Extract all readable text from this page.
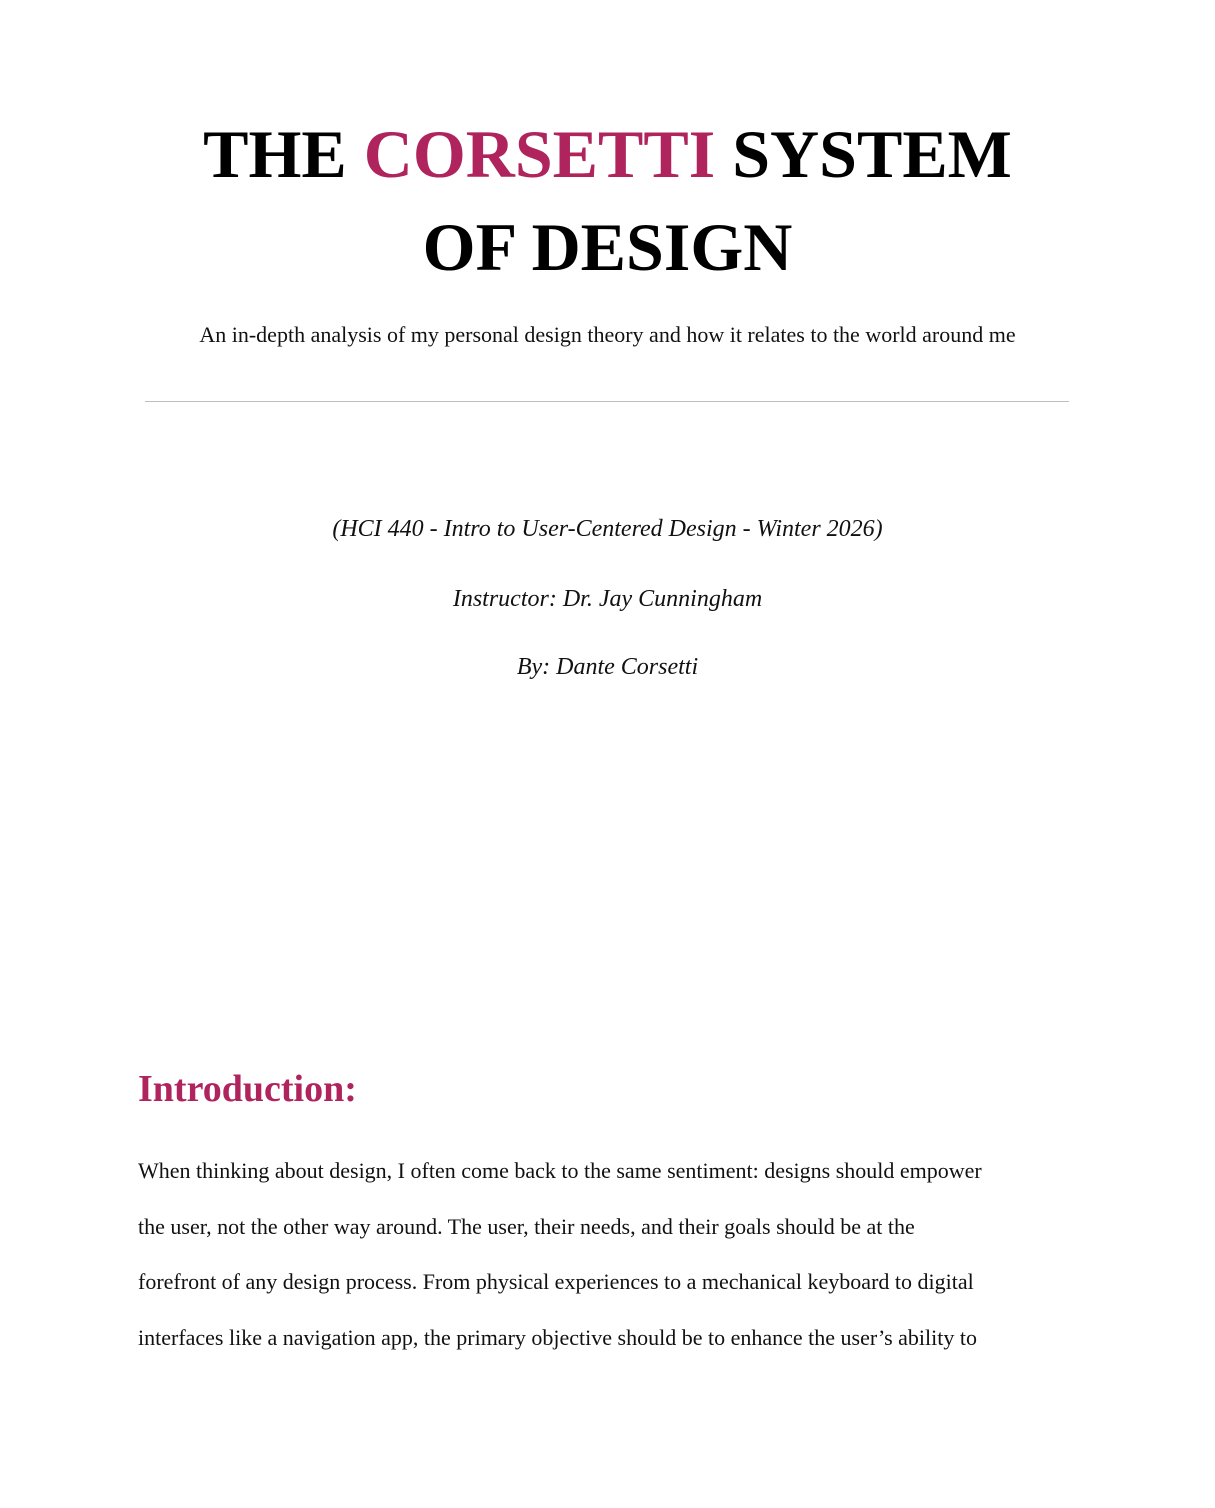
THE CORSETTI SYSTEM
OF DESIGN

An in-depth analysis of my personal design theory and how it relates to the world around me

(HCI 440 - Intro to User-Centered Design - Winter 2026)

Instructor: Dr. Jay Cunningham

By: Dante Corsetti

Introduction:
When thinking about design, I often come back to the same sentiment: designs should empower
the user, not the other way around. The user, their needs, and their goals should be at the
forefront of any design process. From physical experiences to a mechanical keyboard to digital
interfaces like a navigation app, the primary objective should be to enhance the user’s ability to
